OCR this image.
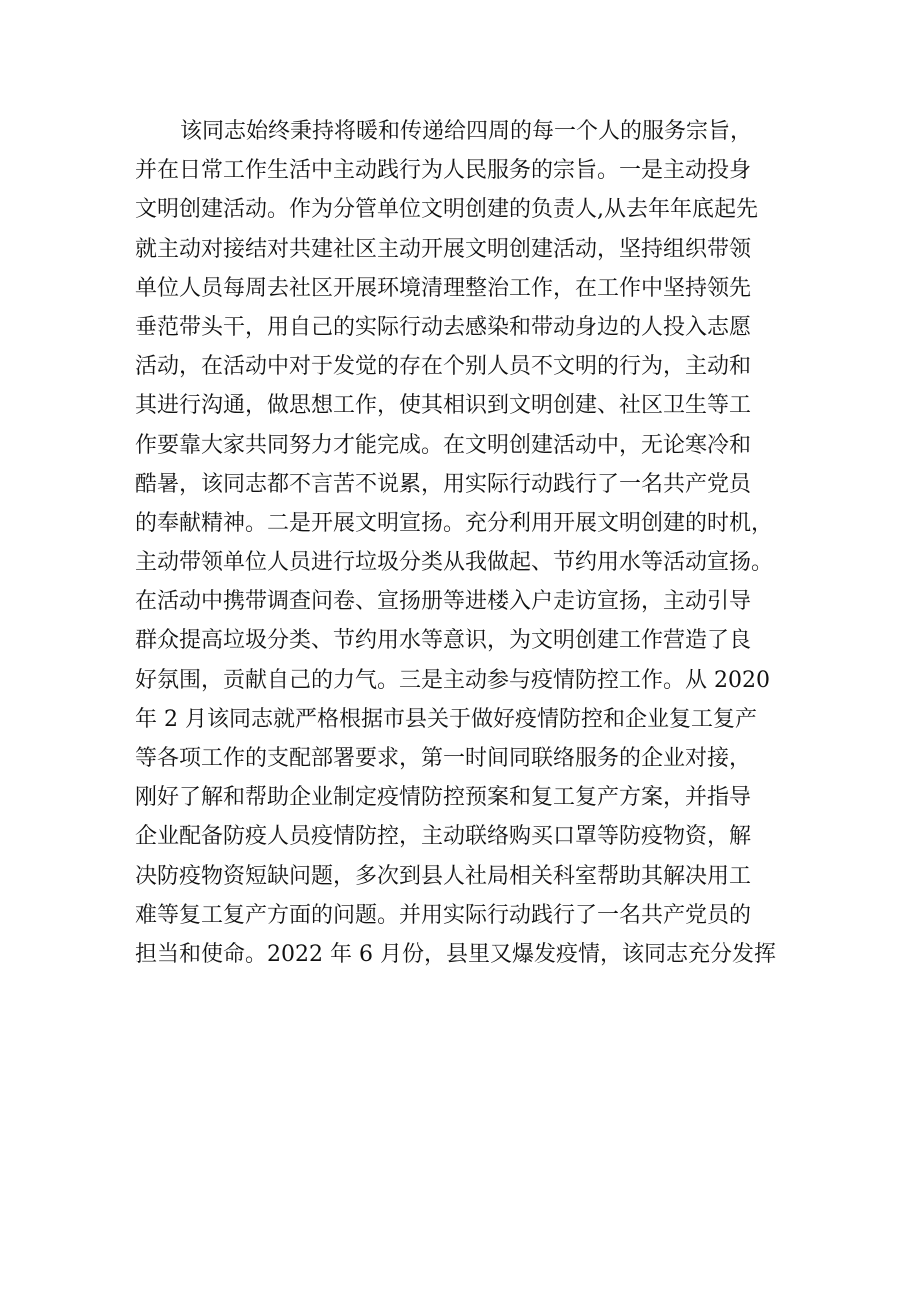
该同志始终秉持将暖和传递给四周的每一个人的服务宗旨，
并在日常工作生活中主动践行为人民服务的宗旨。一是主动投身
文明创建活动。作为分管单位文明创建的负责人,从去年年底起先
就主动对接结对共建社区主动开展文明创建活动，坚持组织带领
单位人员每周去社区开展环境清理整治工作，在工作中坚持领先
垂范带头干，用自己的实际行动去感染和带动身边的人投入志愿
活动，在活动中对于发觉的存在个别人员不文明的行为，主动和
其进行沟通，做思想工作，使其相识到文明创建、社区卫生等工
作要靠大家共同努力才能完成。在文明创建活动中，无论寒冷和
酷暑，该同志都不言苦不说累，用实际行动践行了一名共产党员
的奉献精神。二是开展文明宣扬。充分利用开展文明创建的时机，
主动带领单位人员进行垃圾分类从我做起、节约用水等活动宣扬。
在活动中携带调查问卷、宣扬册等进楼入户走访宣扬，主动引导
群众提高垃圾分类、节约用水等意识，为文明创建工作营造了良
好氛围，贡献自己的力气。三是主动参与疫情防控工作。从 2020
年 2 月该同志就严格根据市县关于做好疫情防控和企业复工复产
等各项工作的支配部署要求，第一时间同联络服务的企业对接，
刚好了解和帮助企业制定疫情防控预案和复工复产方案，并指导
企业配备防疫人员疫情防控，主动联络购买口罩等防疫物资，解
决防疫物资短缺问题，多次到县人社局相关科室帮助其解决用工
难等复工复产方面的问题。并用实际行动践行了一名共产党员的
担当和使命。2022 年 6 月份，县里又爆发疫情，该同志充分发挥
